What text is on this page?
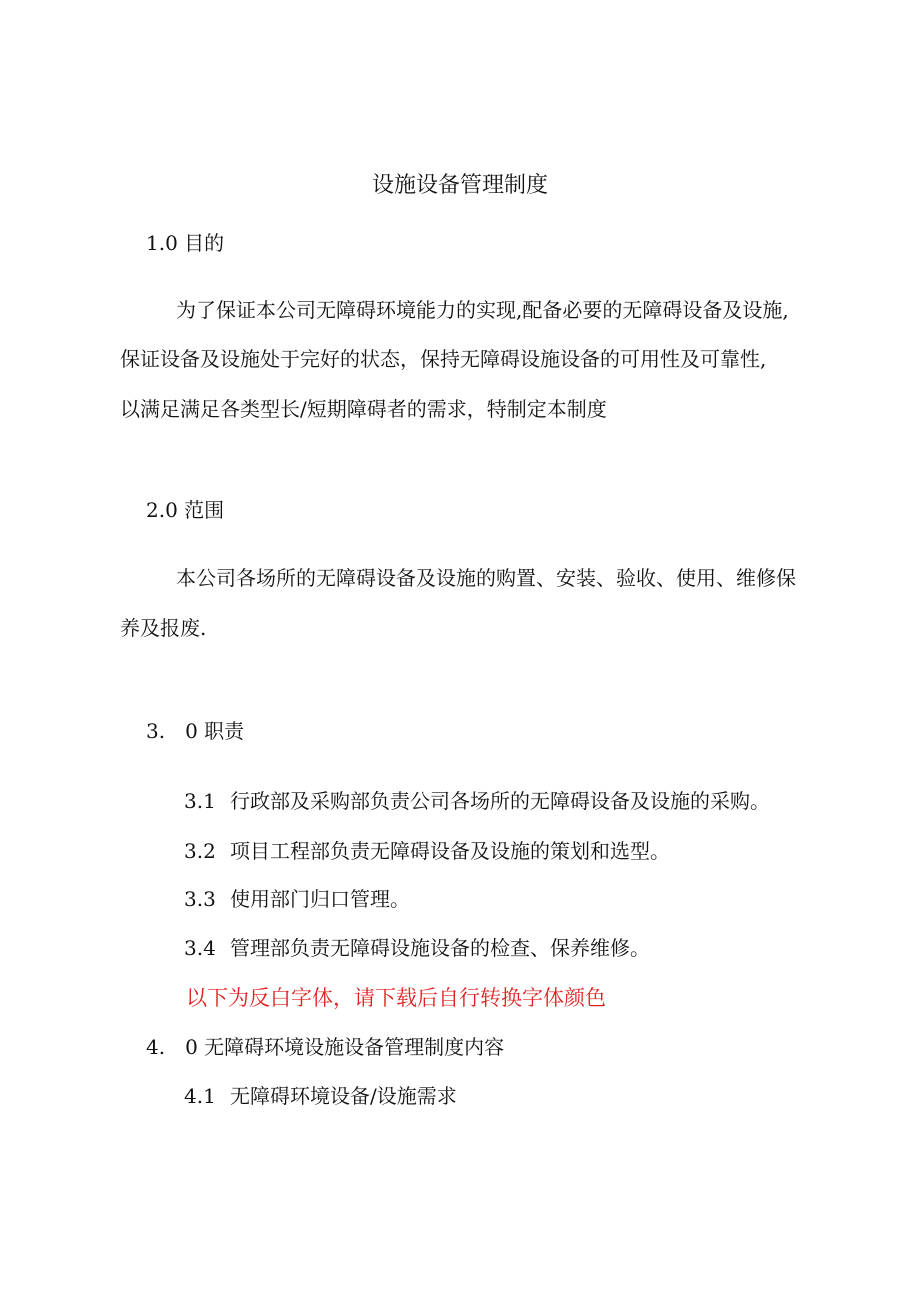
设施设备管理制度
1.0 目的
为了保证本公司无障碍环境能力的实现,配备必要的无障碍设备及设施,
保证设备及设施处于完好的状态，保持无障碍设施设备的可用性及可靠性,
以满足满足各类型长/短期障碍者的需求，特制定本制度
2.0 范围
本公司各场所的无障碍设备及设施的购置、安装、验收、使用、维修保
养及报废.
3.　0 职责
3.1 行政部及采购部负责公司各场所的无障碍设备及设施的采购。
3.2 项目工程部负责无障碍设备及设施的策划和选型。
3.3 使用部门归口管理。
3.4 管理部负责无障碍设施设备的检查、保养维修。
以下为反白字体，请下载后自行转换字体颜色
4.　0 无障碍环境设施设备管理制度内容
4.1 无障碍环境设备/设施需求
